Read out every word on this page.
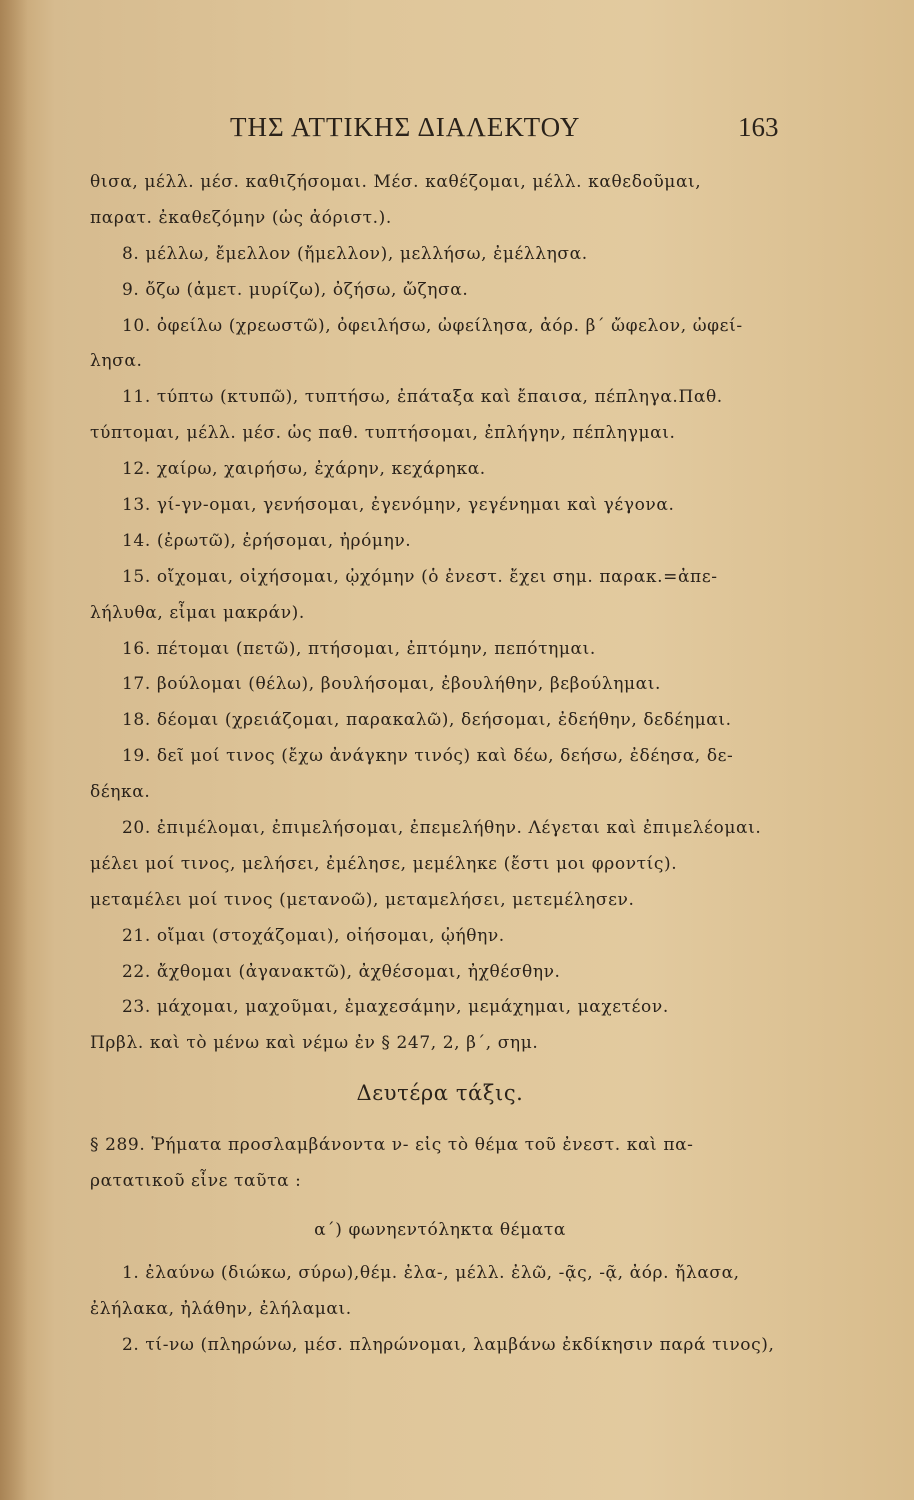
ΤΗΣ ΑΤΤΙΚΗΣ ΔΙΑΛΕΚΤΟΥ	163
θισα, μέλλ. μέσ. καθιζήσομαι. Μέσ. καθέζομαι, μέλλ. καθεδοῦμαι,
παρατ. ἐκαθεζόμην (ὡς ἀόριστ.).
8. μέλλω, ἔμελλον (ἤμελλον), μελλήσω, ἐμέλλησα.
9. ὄζω (ἀμετ. μυρίζω), ὀζήσω, ὤζησα.
10. ὀφείλω (χρεωστῶ), ὀφειλήσω, ὠφείλησα, ἀόρ. β΄ ὤφελον, ὠφεί-
λησα.
11. τύπτω (κτυπῶ), τυπτήσω, ἐπάταξα καὶ ἔπαισα, πέπληγα.Παθ.
τύπτομαι, μέλλ. μέσ. ὡς παθ. τυπτήσομαι, ἐπλήγην, πέπληγμαι.
12. χαίρω, χαιρήσω, ἐχάρην, κεχάρηκα.
13. γί-γν-ομαι, γενήσομαι, ἐγενόμην, γεγένημαι καὶ γέγονα.
14. (ἐρωτῶ), ἐρήσομαι, ἠρόμην.
15. οἴχομαι, οἰχήσομαι, ᾠχόμην (ὁ ἐνεστ. ἔχει σημ. παρακ.=ἀπε-
λήλυθα, εἶμαι μακράν).
16. πέτομαι (πετῶ), πτήσομαι, ἐπτόμην, πεπότημαι.
17. βούλομαι (θέλω), βουλήσομαι, ἐβουλήθην, βεβούλημαι.
18. δέομαι (χρειάζομαι, παρακαλῶ), δεήσομαι, ἐδεήθην, δεδέημαι.
19. δεῖ μοί τινος (ἔχω ἀνάγκην τινός) καὶ δέω, δεήσω, ἐδέησα, δε-
δέηκα.
20. ἐπιμέλομαι, ἐπιμελήσομαι, ἐπεμελήθην. Λέγεται καὶ ἐπιμελέομαι.
μέλει μοί τινος, μελήσει, ἐμέλησε, μεμέληκε (ἔστι μοι φροντίς).
μεταμέλει μοί τινος (μετανοῶ), μεταμελήσει, μετεμέλησεν.
21. οἴμαι (στοχάζομαι), οἰήσομαι, ᾠήθην.
22. ἄχθομαι (ἀγανακτῶ), ἀχθέσομαι, ἠχθέσθην.
23. μάχομαι, μαχοῦμαι, ἐμαχεσάμην, μεμάχημαι, μαχετέον.
Πρβλ. καὶ τὸ μένω καὶ νέμω ἐν § 247, 2, β΄, σημ.
Δευτέρα τάξις.
§ 289. Ῥήματα προσλαμβάνοντα ν- εἰς τὸ θέμα τοῦ ἐνεστ. καὶ πα-
ρατατικοῦ εἶνε ταῦτα :
α΄) φωνηεντόληκτα θέματα
1. ἐλαύνω (διώκω, σύρω),θέμ. ἐλα-, μέλλ. ἐλῶ, -ᾷς, -ᾷ, ἀόρ. ἤλασα,
ἐλήλακα, ἠλάθην, ἐλήλαμαι.
2. τί-νω (πληρώνω, μέσ. πληρώνομαι, λαμβάνω ἐκδίκησιν παρά τινος),
